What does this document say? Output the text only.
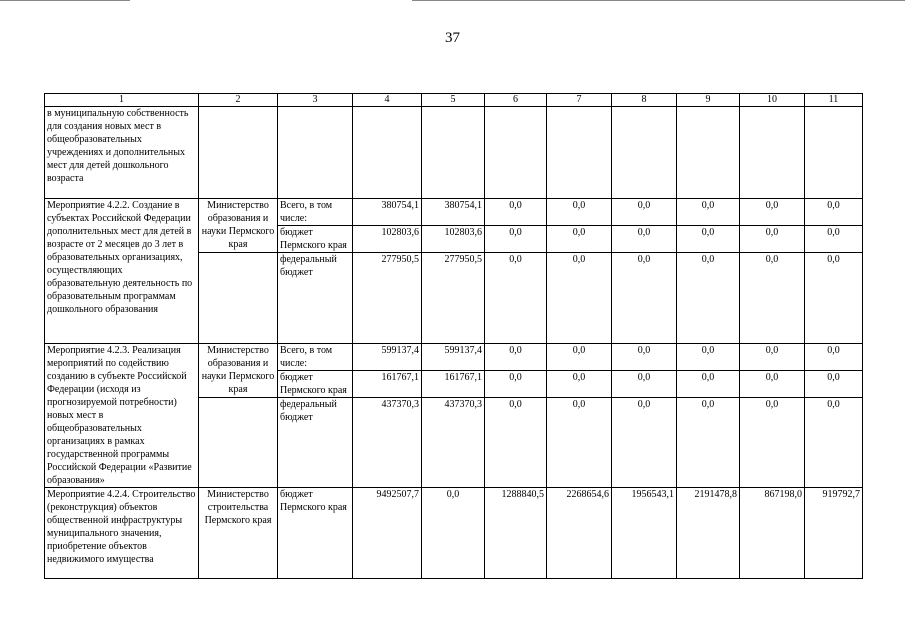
37
1	2	3	4	5	6	7	8	9	10	11
в муниципальную собственность для создания новых мест в общеобразовательных учреждениях и дополнительных мест для детей дошкольного возраста										
Мероприятие 4.2.2. Создание в субъектах Российской Федерации дополнительных мест для детей в возрасте от 2 месяцев до 3 лет в образовательных организациях, осуществляющих образовательную деятельность по образовательным программам дошкольного образования	Министерство образования и науки Пермского края	Всего, в том числе:	380754,1	380754,1	0,0	0,0	0,0	0,0	0,0	0,0
		бюджет Пермского края	102803,6	102803,6	0,0	0,0	0,0	0,0	0,0	0,0
		федеральный бюджет	277950,5	277950,5	0,0	0,0	0,0	0,0	0,0	0,0
Мероприятие 4.2.3. Реализация мероприятий по содействию созданию в субъекте Российской Федерации (исходя из прогнозируемой потребности) новых мест в общеобразовательных организациях в рамках государственной программы Российской Федерации «Развитие образования»	Министерство образования и науки Пермского края	Всего, в том числе:	599137,4	599137,4	0,0	0,0	0,0	0,0	0,0	0,0
		бюджет Пермского края	161767,1	161767,1	0,0	0,0	0,0	0,0	0,0	0,0
		федеральный бюджет	437370,3	437370,3	0,0	0,0	0,0	0,0	0,0	0,0
Мероприятие 4.2.4. Строительство (реконструкция) объектов общественной инфраструктуры муниципального значения, приобретение объектов недвижимого имущества	Министерство строительства Пермского края	бюджет Пермского края	9492507,7	0,0	1288840,5	2268654,6	1956543,1	2191478,8	867198,0	919792,7
